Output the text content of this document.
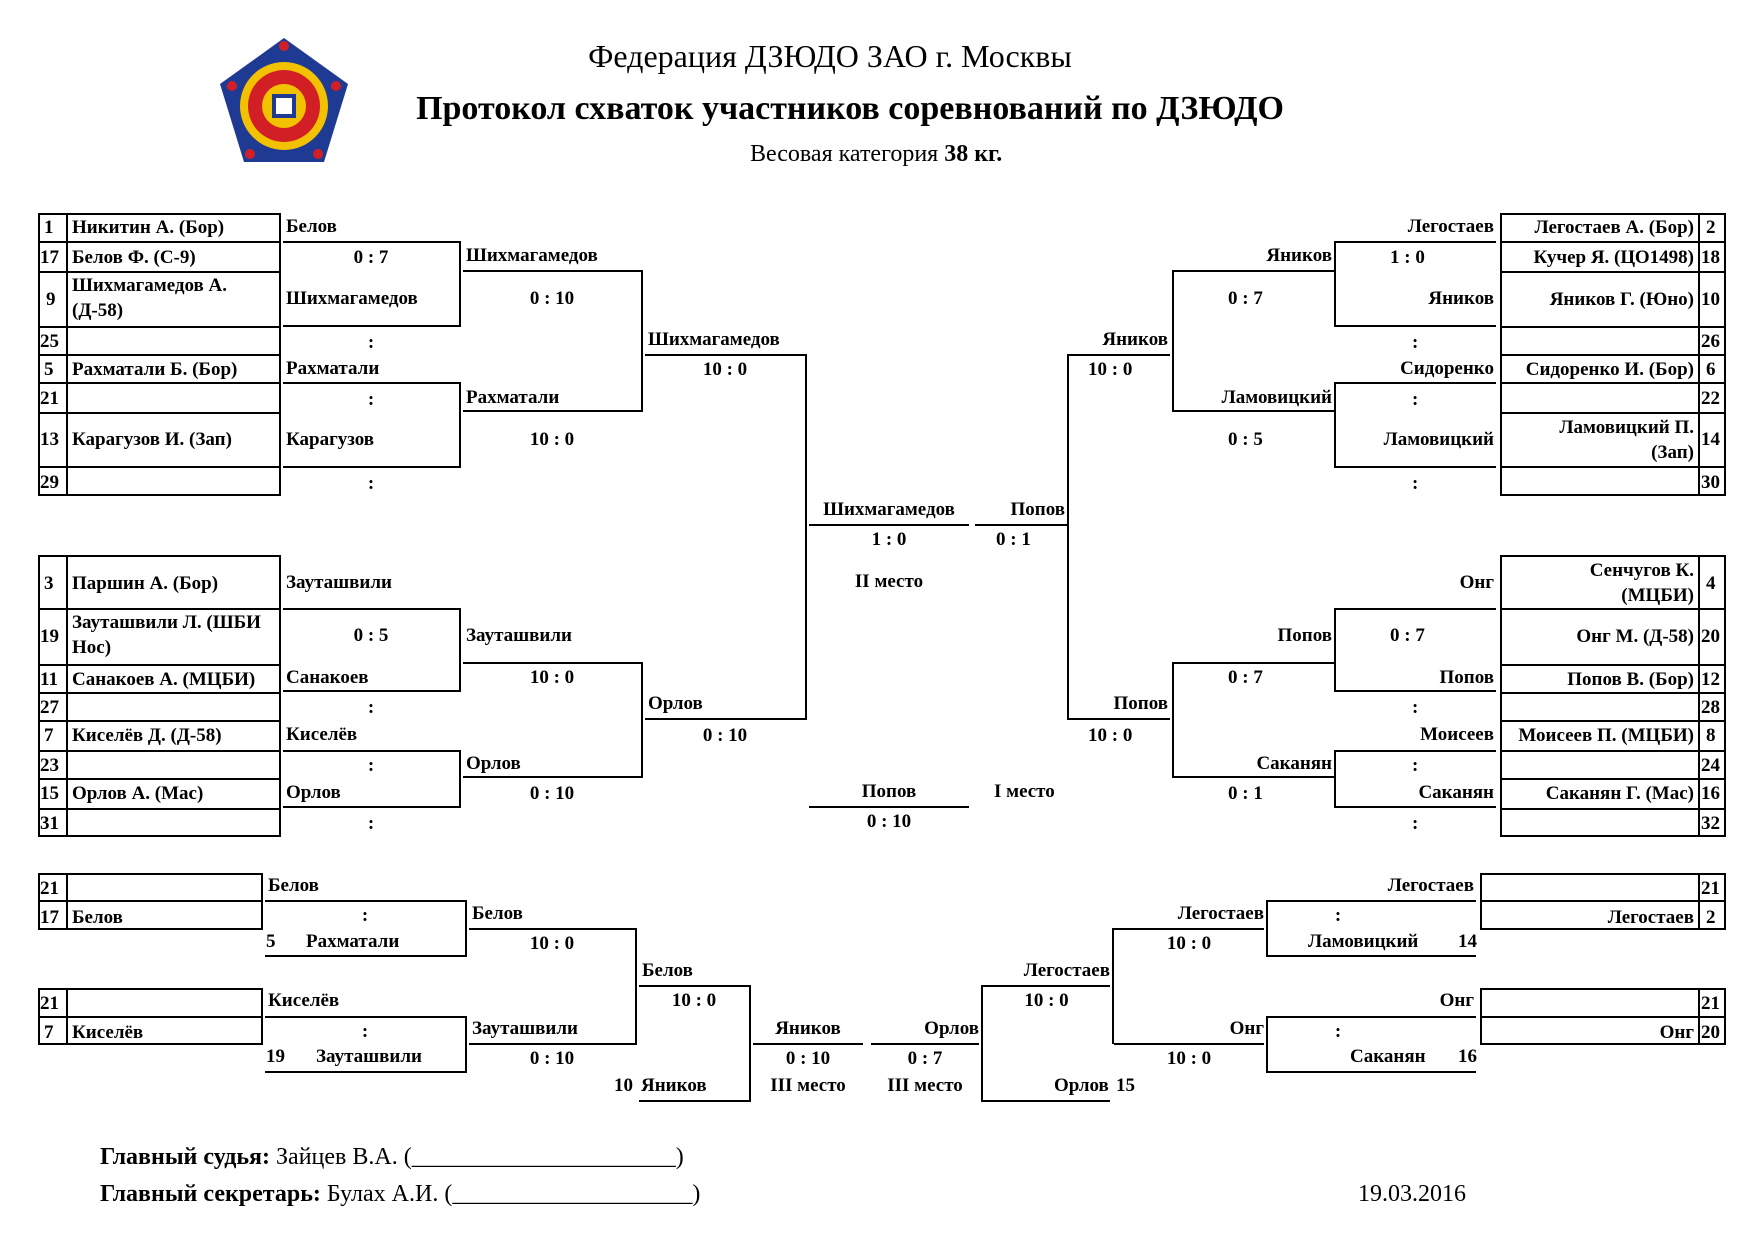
Федерация ДЗЮДО ЗАО г. Москвы
Протокол схваток участников соревнований по ДЗЮДО
Весовая категория 38 кг.
1
17
9
25
5
21
13
29
Никитин А. (Бор)
Белов Ф. (С-9)
Шихмагамедов А.
(Д-58)
Рахматали Б. (Бор)
Карагузов И. (Зап)
Белов
0 : 7
Шихмагамедов
:
Рахматали
:
Карагузов
:
Шихмагамедов
0 : 10
Рахматали
10 : 0
Шихмагамедов
10 : 0
3
19
11
27
7
23
15
31
Паршин А. (Бор)
Зауташвили Л. (ШБИ
Нос)
Санакоев А. (МЦБИ)
Киселёв Д. (Д-58)
Орлов А. (Мас)
Зауташвили
0 : 5
Санакоев
:
Киселёв
:
Орлов
:
Зауташвили
10 : 0
Орлов
0 : 10
Орлов
0 : 10
Шихмагамедов
1 : 0
Попов
0 : 1
II место
Попов
0 : 10
I место
2
18
10
26
6
22
14
30
Легостаев А. (Бор)
Кучер Я. (ЦО1498)
Яников Г. (Юно)
Сидоренко И. (Бор)
Ламовицкий П.
(Зап)
Легостаев
1 : 0
Яников
:
Сидоренко
:
Ламовицкий
:
Яников
0 : 7
Ламовицкий
0 : 5
Яников
10 : 0
4
20
12
28
8
24
16
32
Сенчугов К.
(МЦБИ)
Онг М. (Д-58)
Попов В. (Бор)
Моисеев П. (МЦБИ)
Саканян Г. (Мас)
Онг
0 : 7
Попов
:
Моисеев
:
Саканян
:
Попов
0 : 7
Саканян
0 : 1
Попов
10 : 0
21
17 Белов
21
7 Киселёв
Белов
:
5 Рахматали
Киселёв
:
19 Зауташвили
Белов
10 : 0
Зауташвили
0 : 10
Белов
10 : 0
10 Яников
Яников
0 : 10
III место
21
2
Легостаев
21
20
Онг
Легостаев
:
Ламовицкий 14
Онг
:
Саканян 16
Легостаев
10 : 0
Онг
10 : 0
Легостаев
10 : 0
Орлов 15
Орлов
0 : 7
III место
Главный судья: Зайцев В.А. (______________________)
Главный секретарь: Булах А.И. (____________________)	19.03.2016
